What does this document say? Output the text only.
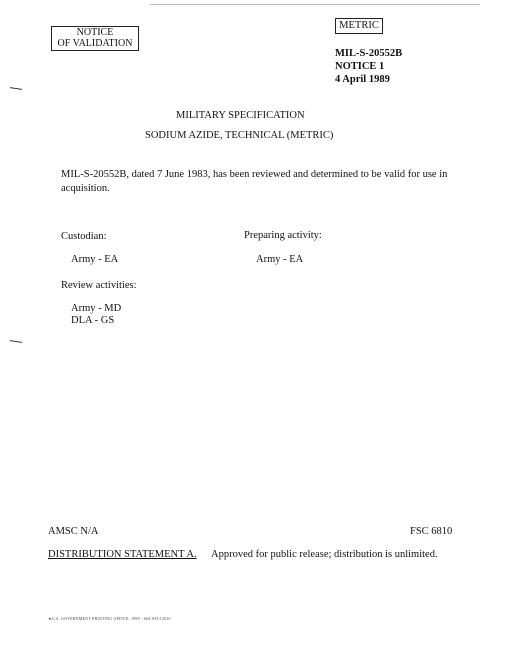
NOTICE
OF VALIDATION
METRIC
MIL-S-20552B
NOTICE 1
4 April 1989
MILITARY SPECIFICATION
SODIUM AZIDE, TECHNICAL (METRIC)
MIL-S-20552B, dated 7 June 1983, has been reviewed and determined to be valid for use in acquisition.
Custodian:
Army - EA
Preparing activity:
Army - EA
Review activities:
Army - MD
DLA - GS
AMSC N/A	FSC 6810
DISTRIBUTION STATEMENT A. Approved for public release; distribution is unlimited.
★U.S. GOVERNMENT PRINTING OFFICE: 1989 - 604-033/12510
